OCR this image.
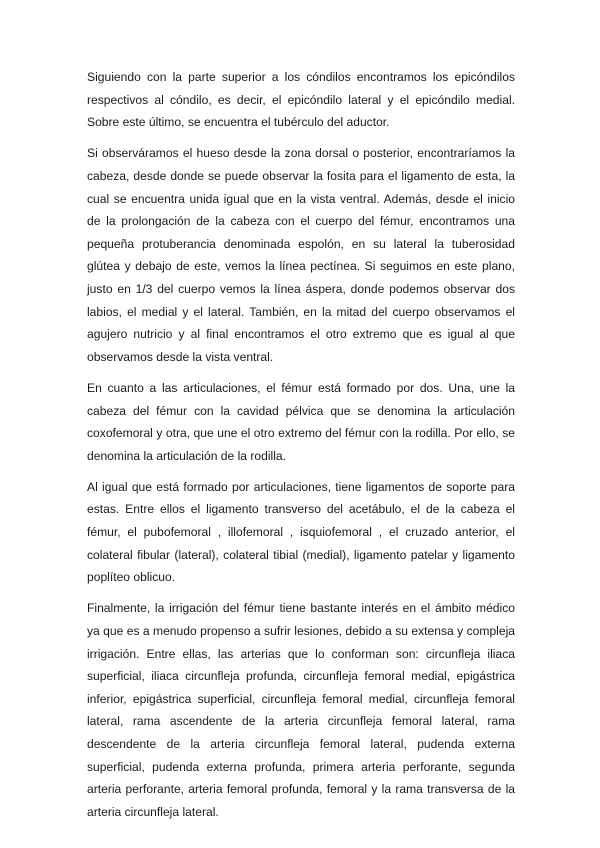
Siguiendo con la parte superior a los cóndilos encontramos los epicóndilos respectivos al cóndilo, es decir, el epicóndilo lateral y el epicóndilo medial. Sobre este último, se encuentra el tubérculo del aductor.

Si observáramos el hueso desde la zona dorsal o posterior, encontraríamos la cabeza, desde donde se puede observar la fosita para el ligamento de esta, la cual se encuentra unida igual que en la vista ventral. Además, desde el inicio de la prolongación de la cabeza con el cuerpo del fémur, encontramos una pequeña protuberancia denominada espolón, en su lateral la tuberosidad glútea y debajo de este, vemos la línea pectínea. Si seguimos en este plano, justo en 1/3 del cuerpo vemos la línea áspera, donde podemos observar dos labios, el medial y el lateral. También, en la mitad del cuerpo observamos el agujero nutricio y al final encontramos el otro extremo que es igual al que observamos desde la vista ventral.

En cuanto a las articulaciones, el fémur está formado por dos. Una, une la cabeza del fémur con la cavidad pélvica que se denomina la articulación coxofemoral y otra, que une el otro extremo del fémur con la rodilla. Por ello, se denomina la articulación de la rodilla.

Al igual que está formado por articulaciones, tiene ligamentos de soporte para estas. Entre ellos el ligamento transverso del acetábulo, el de la cabeza el fémur, el pubofemoral , illofemoral , isquiofemoral , el cruzado anterior, el colateral fibular (lateral), colateral tibial (medial), ligamento patelar y ligamento poplíteo oblicuo.

Finalmente, la irrigación del fémur tiene bastante interés en el ámbito médico ya que es a menudo propenso a sufrir lesiones, debido a su extensa y compleja irrigación. Entre ellas, las arterias que lo conforman son: circunfleja iliaca superficial, iliaca circunfleja profunda, circunfleja femoral medial, epigástrica inferior, epigástrica superficial, circunfleja femoral medial, circunfleja femoral lateral, rama ascendente de la arteria circunfleja femoral lateral, rama descendente de la arteria circunfleja femoral lateral, pudenda externa superficial, pudenda externa profunda, primera arteria perforante, segunda arteria perforante, arteria femoral profunda, femoral y la rama transversa de la arteria circunfleja lateral.
